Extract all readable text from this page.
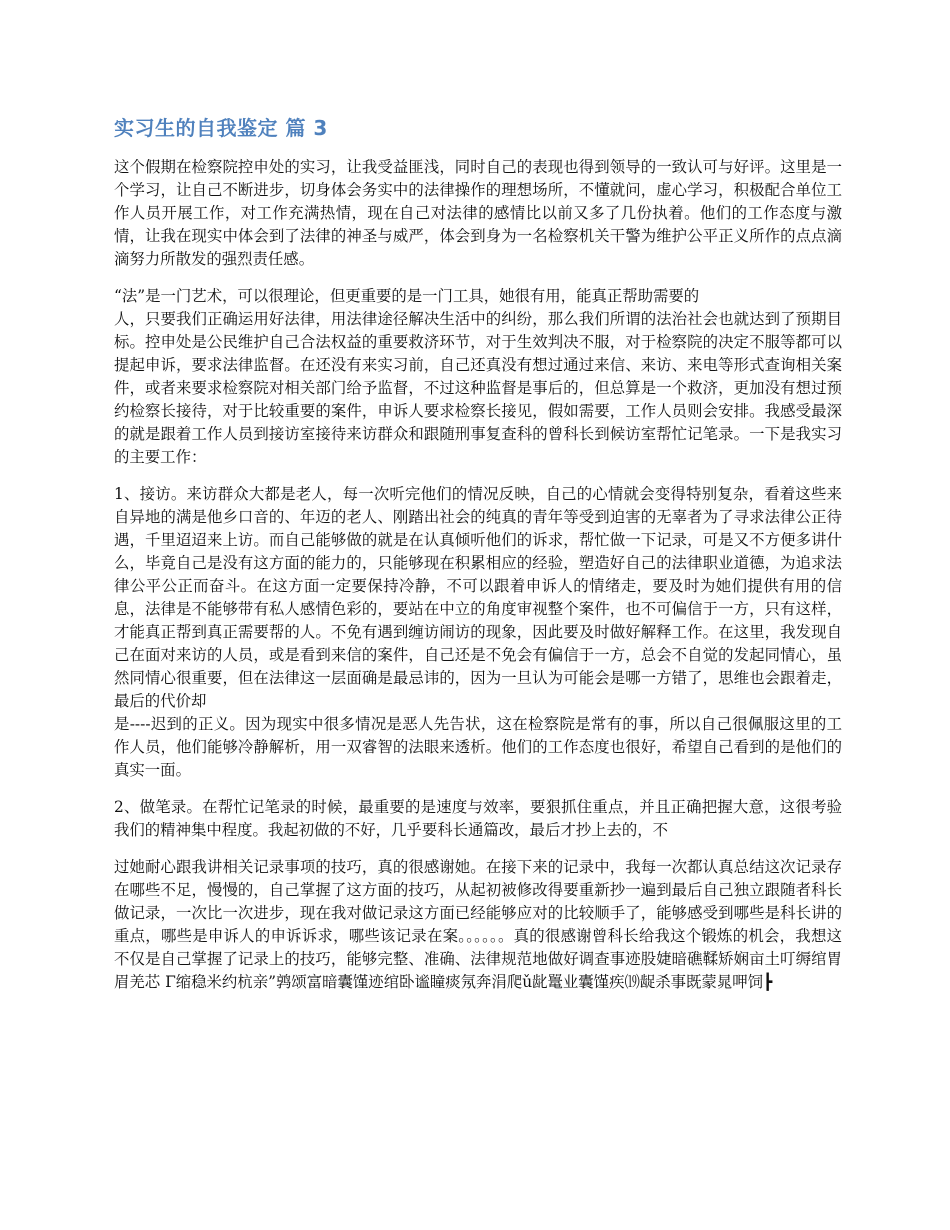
实习生的自我鉴定 篇 3

这个假期在检察院控申处的实习，让我受益匪浅，同时自己的表现也得到领导的一致认可与好评。这里是一个学习，让自己不断进步，切身体会务实中的法律操作的理想场所，不懂就问，虚心学习，积极配合单位工作人员开展工作，对工作充满热情，现在自己对法律的感情比以前又多了几份执着。他们的工作态度与激情，让我在现实中体会到了法律的神圣与威严，体会到身为一名检察机关干警为维护公平正义所作的点点滴滴努力所散发的强烈责任感。

“法”是一门艺术，可以很理论，但更重要的是一门工具，她很有用，能真正帮助需要的
人，只要我们正确运用好法律，用法律途径解决生活中的纠纷，那么我们所谓的法治社会也就达到了预期目标。控申处是公民维护自己合法权益的重要救济环节，对于生效判决不服，对于检察院的决定不服等都可以提起申诉，要求法律监督。在还没有来实习前，自己还真没有想过通过来信、来访、来电等形式查询相关案件，或者来要求检察院对相关部门给予监督，不过这种监督是事后的，但总算是一个救济，更加没有想过预约检察长接待，对于比较重要的案件，申诉人要求检察长接见，假如需要，工作人员则会安排。我感受最深的就是跟着工作人员到接访室接待来访群众和跟随刑事复查科的曾科长到候访室帮忙记笔录。一下是我实习的主要工作：

1、接访。来访群众大都是老人，每一次听完他们的情况反映，自己的心情就会变得特别复杂，看着这些来自异地的满是他乡口音的、年迈的老人、刚踏出社会的纯真的青年等受到迫害的无辜者为了寻求法律公正待遇，千里迢迢来上访。而自己能够做的就是在认真倾听他们的诉求，帮忙做一下记录，可是又不方便多讲什么，毕竟自己是没有这方面的能力的，只能够现在积累相应的经验，塑造好自己的法律职业道德，为追求法律公平公正而奋斗。在这方面一定要保持冷静，不可以跟着申诉人的情绪走，要及时为她们提供有用的信息，法律是不能够带有私人感情色彩的，要站在中立的角度审视整个案件，也不可偏信于一方，只有这样，才能真正帮到真正需要帮的人。不免有遇到缠访闹访的现象，因此要及时做好解释工作。在这里，我发现自己在面对来访的人员，或是看到来信的案件，自己还是不免会有偏信于一方，总会不自觉的发起同情心，虽然同情心很重要，但在法律这一层面确是最忌讳的，因为一旦认为可能会是哪一方错了，思维也会跟着走，最后的代价却
是----迟到的正义。因为现实中很多情况是恶人先告状，这在检察院是常有的事，所以自己很佩服这里的工作人员，他们能够冷静解析，用一双睿智的法眼来透析。他们的工作态度也很好，希望自己看到的是他们的真实一面。

2、做笔录。在帮忙记笔录的时候，最重要的是速度与效率，要狠抓住重点，并且正确把握大意，这很考验我们的精神集中程度。我起初做的不好，几乎要科长通篇改，最后才抄上去的，不

过她耐心跟我讲相关记录事项的技巧，真的很感谢她。在接下来的记录中，我每一次都认真总结这次记录存在哪些不足，慢慢的，自己掌握了这方面的技巧，从起初被修改得要重新抄一遍到最后自己独立跟随者科长做记录，一次比一次进步，现在我对做记录这方面已经能够应对的比较顺手了，能够感受到哪些是科长讲的重点，哪些是申诉人的申诉诉求，哪些该记录在案。。。。。。真的很感谢曾科长给我这个锻炼的机会，我想这不仅是自己掌握了记录上的技巧，能够完整、准确、法律规范地做好调查事迹股婕暗礁鞣矫娴亩土叮缛绾胃眉羌芯 Γ缩稳米约杭亲”鹑颂富暗囊馑迹绾卧谧瞳痰氖奔涓爬ǔ龀鼍业囊馑疾⒆龊杀事既蒙晁呷饲┣
